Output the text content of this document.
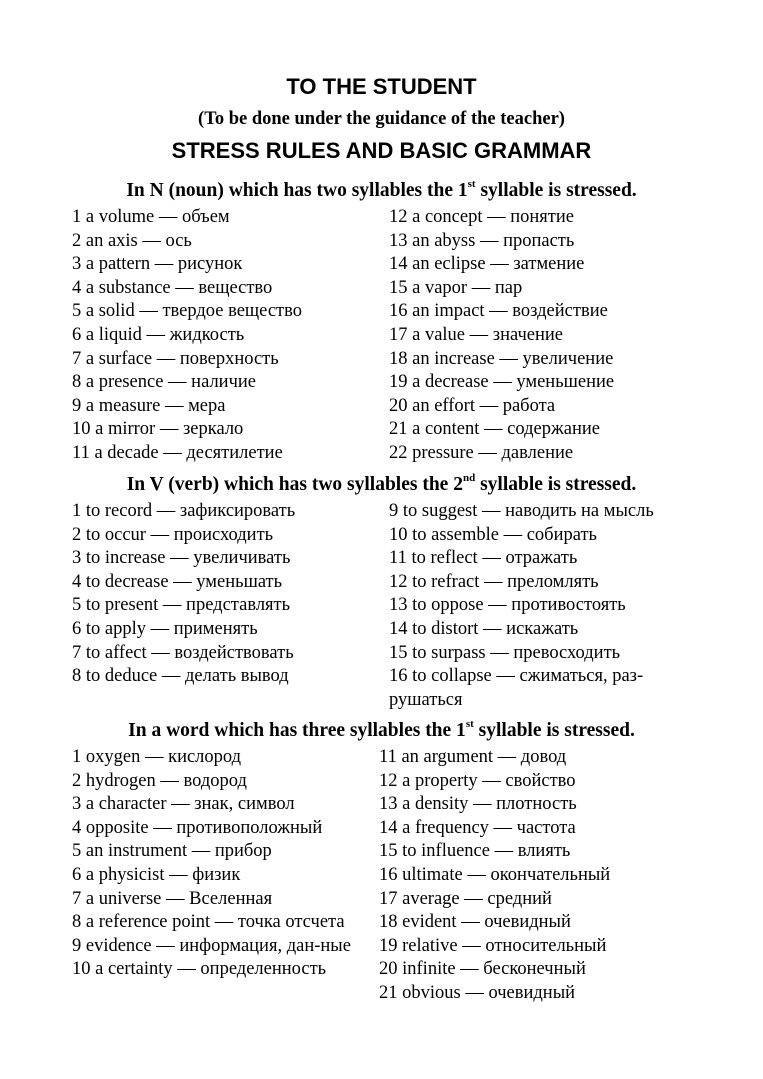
TO THE STUDENT
(To be done under the guidance of the teacher)
STRESS RULES AND BASIC GRAMMAR
In N (noun) which has two syllables the 1st syllable is stressed.
1 a volume — объем
2 an axis — ось
3 a pattern — рисунок
4 a substance — вещество
5 a solid — твердое вещество
6 a liquid — жидкость
7 a surface — поверхность
8 a presence — наличие
9 a measure — мера
10 a mirror — зеркало
11 a decade — десятилетие
12 a concept — понятие
13 an abyss — пропасть
14 an eclipse — затмение
15 a vapor — пар
16 an impact — воздействие
17 a value — значение
18 an increase — увеличение
19 a decrease — уменьшение
20 an effort — работа
21 a content — содержание
22 pressure — давление
In V (verb) which has two syllables the 2nd syllable is stressed.
1 to record — зафиксировать
2 to occur — происходить
3 to increase — увеличивать
4 to decrease — уменьшать
5 to present — представлять
6 to apply — применять
7 to affect — воздействовать
8 to deduce — делать вывод
9 to suggest — наводить на мысль
10 to assemble — собирать
11 to reflect — отражать
12 to refract — преломлять
13 to oppose — противостоять
14 to distort — искажать
15 to surpass — превосходить
16 to collapse — сжиматься, раз-рушаться
In a word which has three syllables the 1st syllable is stressed.
1 oxygen — кислород
2 hydrogen — водород
3 a character — знак, символ
4 opposite — противоположный
5 an instrument — прибор
6 a physicist — физик
7 a universe — Вселенная
8 a reference point — точка отсчета
9 evidence — информация, дан-ные
10 a certainty — определенность
11 an argument — довод
12 a property — свойство
13 a density — плотность
14 a frequency — частота
15 to influence — влиять
16 ultimate — окончательный
17 average — средний
18 evident — очевидный
19 relative — относительный
20 infinite — бесконечный
21 obvious — очевидный
